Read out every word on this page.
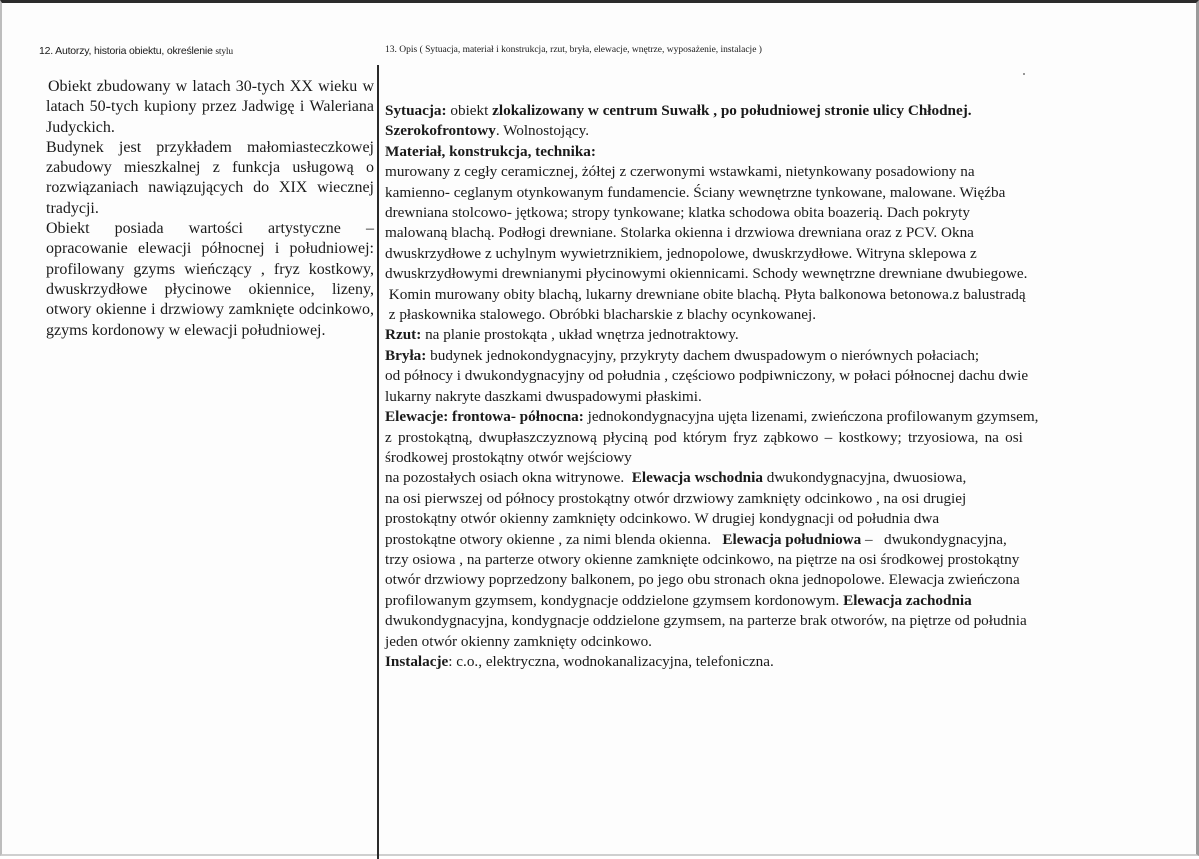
12. Autorzy, historia obiektu, określenie stylu	13. Opis ( Sytuacja, materiał i konstrukcja, rzut, bryła, elewacje, wnętrze, wyposażenie, instalacje )

Obiekt zbudowany w latach 30-tych XX wieku w latach 50-tych kupiony przez Jadwigę i Waleriana Judyckich.

Budynek jest przykładem małomiasteczkowej zabudowy mieszkalnej z funkcja usługową o rozwiązaniach nawiązujących do XIX wiecznej tradycji.

Obiekt posiada wartości artystyczne – opracowanie elewacji północnej i południowej: profilowany gzyms wieńczący , fryz kostkowy, dwuskrzydłowe płycinowe okiennice, lizeny, otwory okienne i drzwiowy zamknięte odcinkowo, gzyms kordonowy w elewacji południowej.

Sytuacja: obiekt zlokalizowany w centrum Suwałk , po południowej stronie ulicy Chłodnej.

Szerokofrontowy. Wolnostojący.

Materiał, konstrukcja, technika:

murowany z cegły ceramicznej, żółtej z czerwonymi wstawkami, nietynkowany posadowiony na

kamienno- ceglanym otynkowanym fundamencie. Ściany wewnętrzne tynkowane, malowane. Więźba

drewniana stolcowo- jętkowa; stropy tynkowane; klatka schodowa obita boazerią. Dach pokryty

malowaną blachą. Podłogi drewniane. Stolarka okienna i drzwiowa drewniana oraz z PCV. Okna

dwuskrzydłowe z uchylnym wywietrznikiem, jednopolowe, dwuskrzydłowe. Witryna sklepowa z

dwuskrzydłowymi drewnianymi płycinowymi okiennicami. Schody wewnętrzne drewniane dwubiegowe.

Komin murowany obity blachą, lukarny drewniane obite blachą. Płyta balkonowa betonowa.z balustradą

z płaskownika stalowego. Obróbki blacharskie z blachy ocynkowanej.

Rzut: na planie prostokąta , układ wnętrza jednotraktowy.

Bryła: budynek jednokondygnacyjny, przykryty dachem dwuspadowym o nierównych połaciach;

od północy i dwukondygnacyjny od południa , częściowo podpiwniczony, w połaci północnej dachu dwie

lukarny nakryte daszkami dwuspadowymi płaskimi.

Elewacje: frontowa- północna: jednokondygnacyjna ujęta lizenami, zwieńczona profilowanym gzymsem,

z prostokątną, dwupłaszczyznową płyciną pod którym fryz ząbkowo – kostkowy; trzyosiowa, na osi

środkowej prostokątny otwór wejściowy

na pozostałych osiach okna witrynowe.  Elewacja wschodnia dwukondygnacyjna, dwuosiowa,

na osi pierwszej od północy prostokątny otwór drzwiowy zamknięty odcinkowo , na osi drugiej

prostokątny otwór okienny zamknięty odcinkowo. W drugiej kondygnacji od południa dwa

prostokątne otwory okienne , za nimi blenda okienna.   Elewacja południowa –   dwukondygnacyjna,

trzy osiowa , na parterze otwory okienne zamknięte odcinkowo, na piętrze na osi środkowej prostokątny

otwór drzwiowy poprzedzony balkonem, po jego obu stronach okna jednopolowe. Elewacja zwieńczona

profilowanym gzymsem, kondygnacje oddzielone gzymsem kordonowym. Elewacja zachodnia

dwukondygnacyjna, kondygnacje oddzielone gzymsem, na parterze brak otworów, na piętrze od południa

jeden otwór okienny zamknięty odcinkowo.

Instalacje: c.o., elektryczna, wodnokanalizacyjna, telefoniczna.
